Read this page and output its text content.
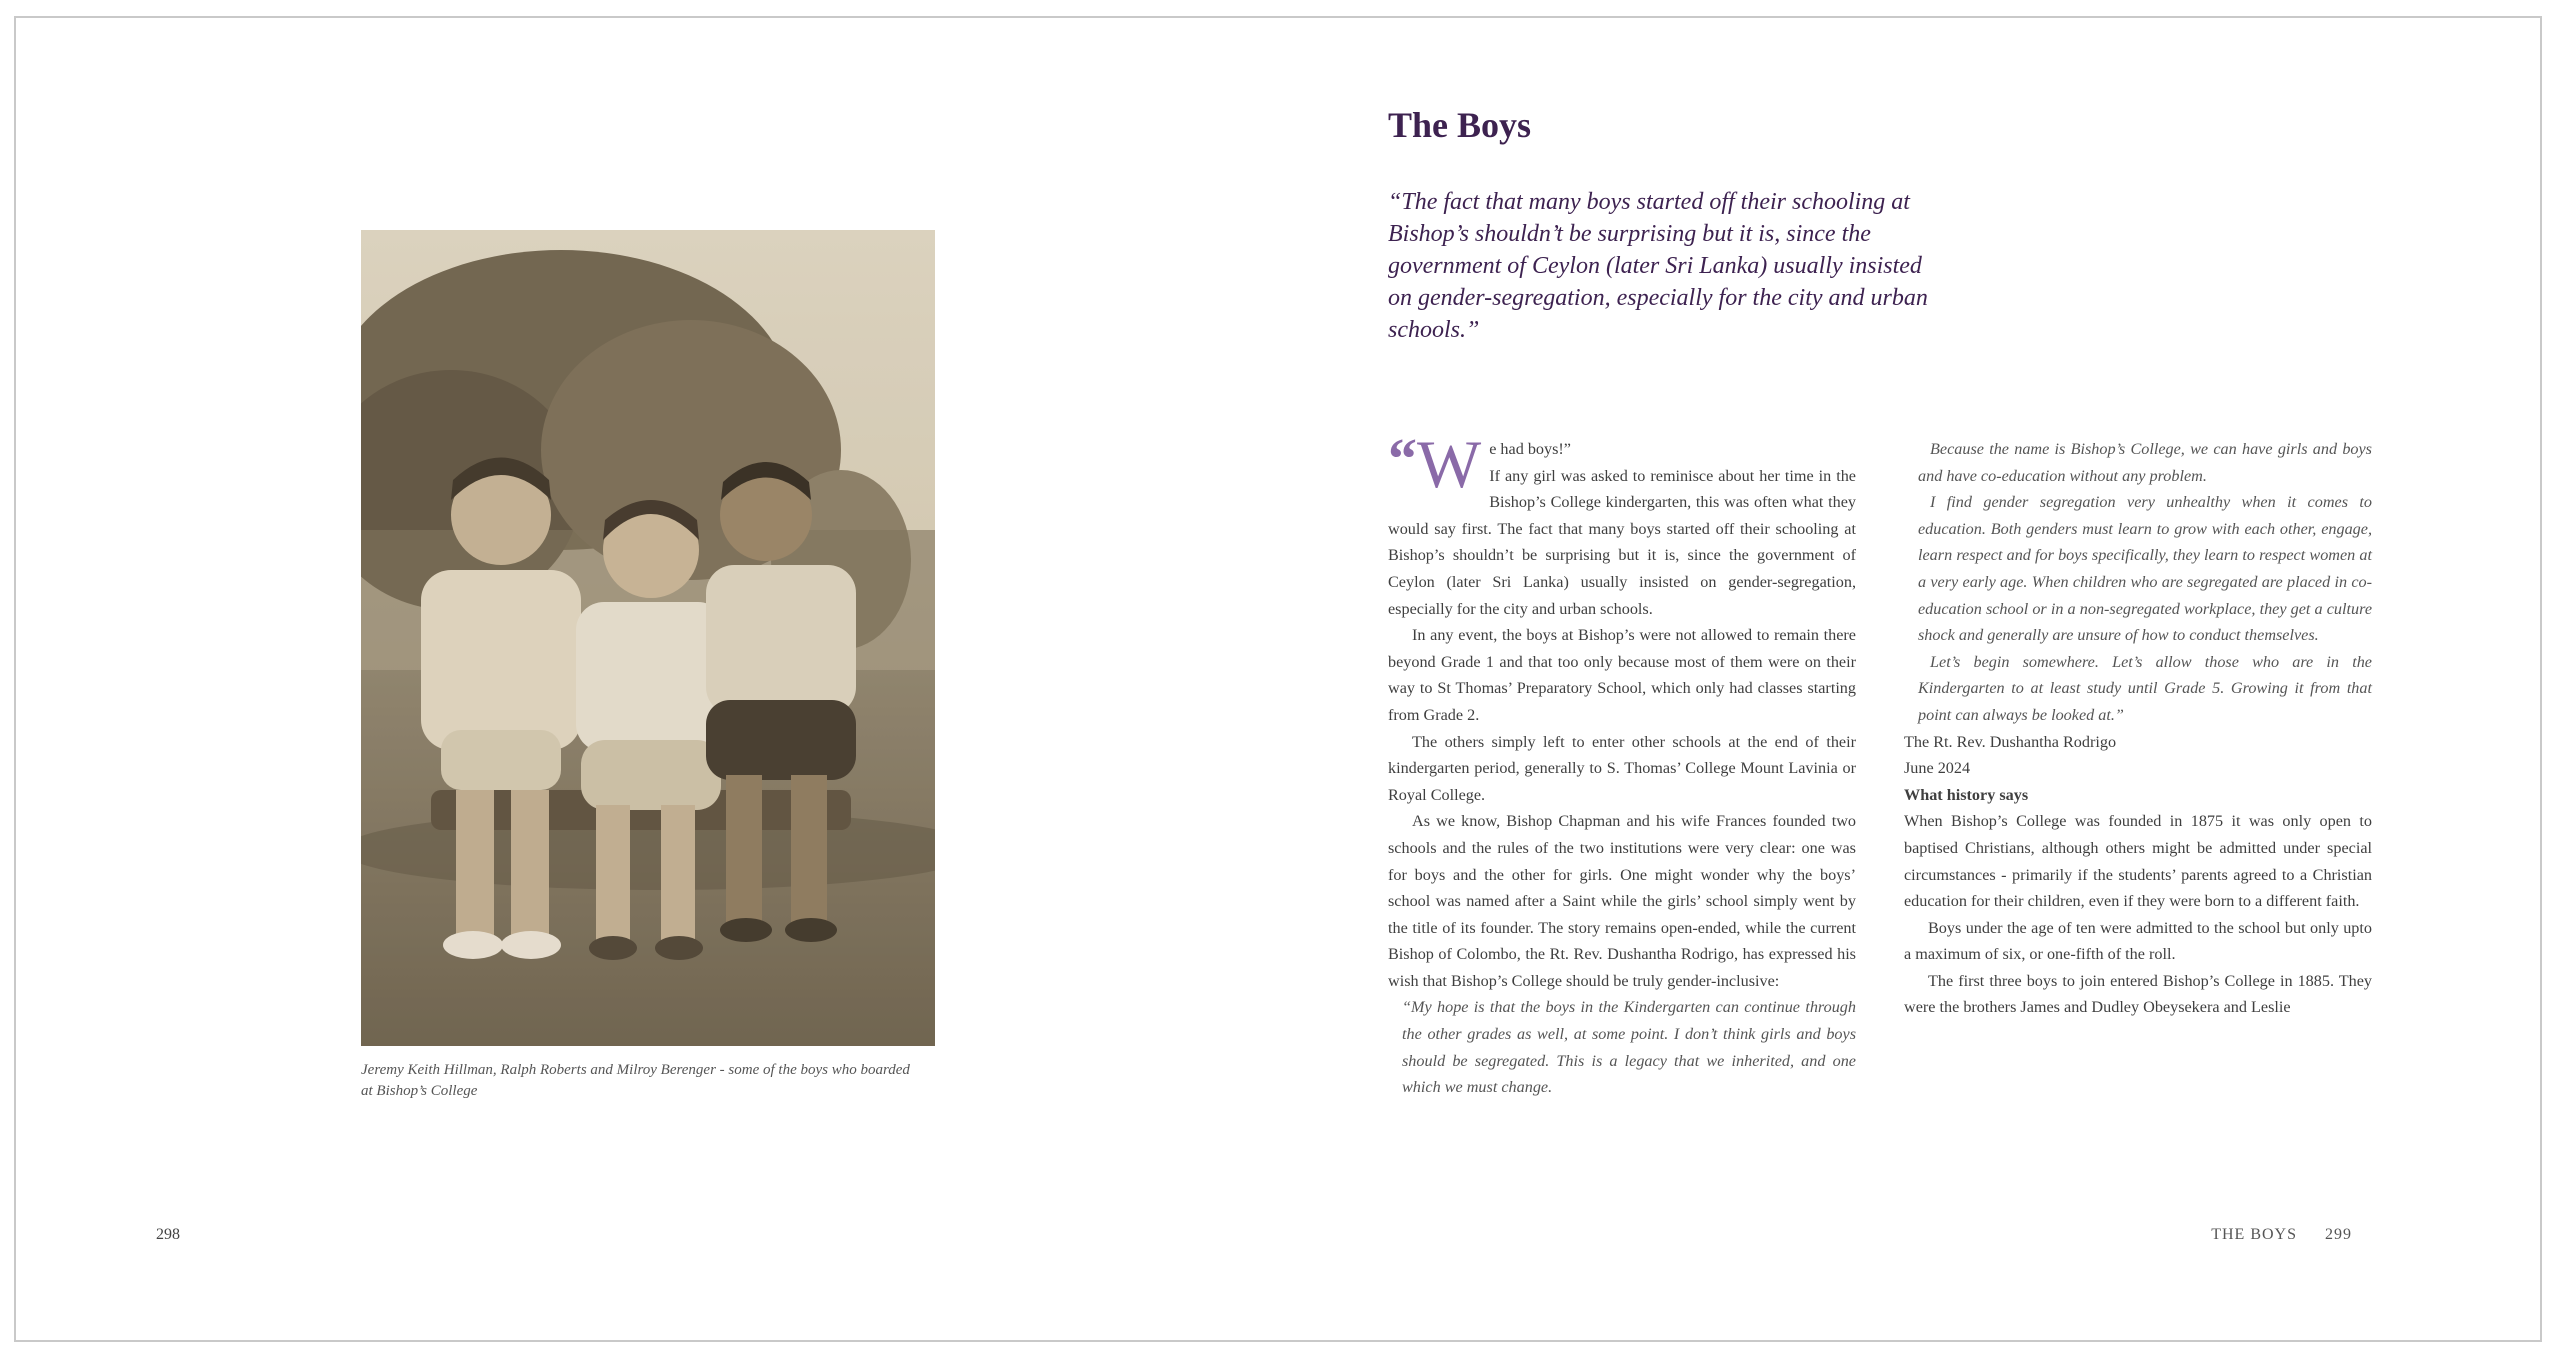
Jeremy Keith Hillman, Ralph Roberts and Milroy Berenger - some of the boys who boarded at Bishop’s College
298
The Boys
“The fact that many boys started off their schooling at Bishop’s shouldn’t be surprising but it is, since the government of Ceylon (later Sri Lanka) usually insisted on gender-segregation, especially for the city and urban schools.”

“W e had boys!”
If any girl was asked to reminisce about her time in the Bishop’s College kindergarten, this was often what they would say first. The fact that many boys started off their schooling at Bishop’s shouldn’t be surprising but it is, since the government of Ceylon (later Sri Lanka) usually insisted on gender-segregation, especially for the city and urban schools.

In any event, the boys at Bishop’s were not allowed to remain there beyond Grade 1 and that too only because most of them were on their way to St Thomas’ Preparatory School, which only had classes starting from Grade 2.

The others simply left to enter other schools at the end of their kindergarten period, generally to S. Thomas’ College Mount Lavinia or Royal College.

As we know, Bishop Chapman and his wife Frances founded two schools and the rules of the two institutions were very clear: one was for boys and the other for girls. One might wonder why the boys’ school was named after a Saint while the girls’ school simply went by the title of its founder. The story remains open-ended, while the current Bishop of Colombo, the Rt. Rev. Dushantha Rodrigo, has expressed his wish that Bishop’s College should be truly gender-inclusive:

“My hope is that the boys in the Kindergarten can continue through the other grades as well, at some point. I don’t think girls and boys should be segregated. This is a legacy that we inherited, and one which we must change.

Because the name is Bishop’s College, we can have girls and boys and have co-education without any problem.

I find gender segregation very unhealthy when it comes to education. Both genders must learn to grow with each other, engage, learn respect and for boys specifically, they learn to respect women at a very early age. When children who are segregated are placed in co-education school or in a non-segregated workplace, they get a culture shock and generally are unsure of how to conduct themselves.

Let’s begin somewhere. Let’s allow those who are in the Kindergarten to at least study until Grade 5. Growing it from that point can always be looked at.”

The Rt. Rev. Dushantha Rodrigo

June 2024

What history says

When Bishop’s College was founded in 1875 it was only open to baptised Christians, although others might be admitted under special circumstances - primarily if the students’ parents agreed to a Christian education for their children, even if they were born to a different faith.

Boys under the age of ten were admitted to the school but only upto a maximum of six, or one-fifth of the roll.

The first three boys to join entered Bishop’s College in 1885. They were the brothers James and Dudley Obeysekera and Leslie

THE BOYS 299
